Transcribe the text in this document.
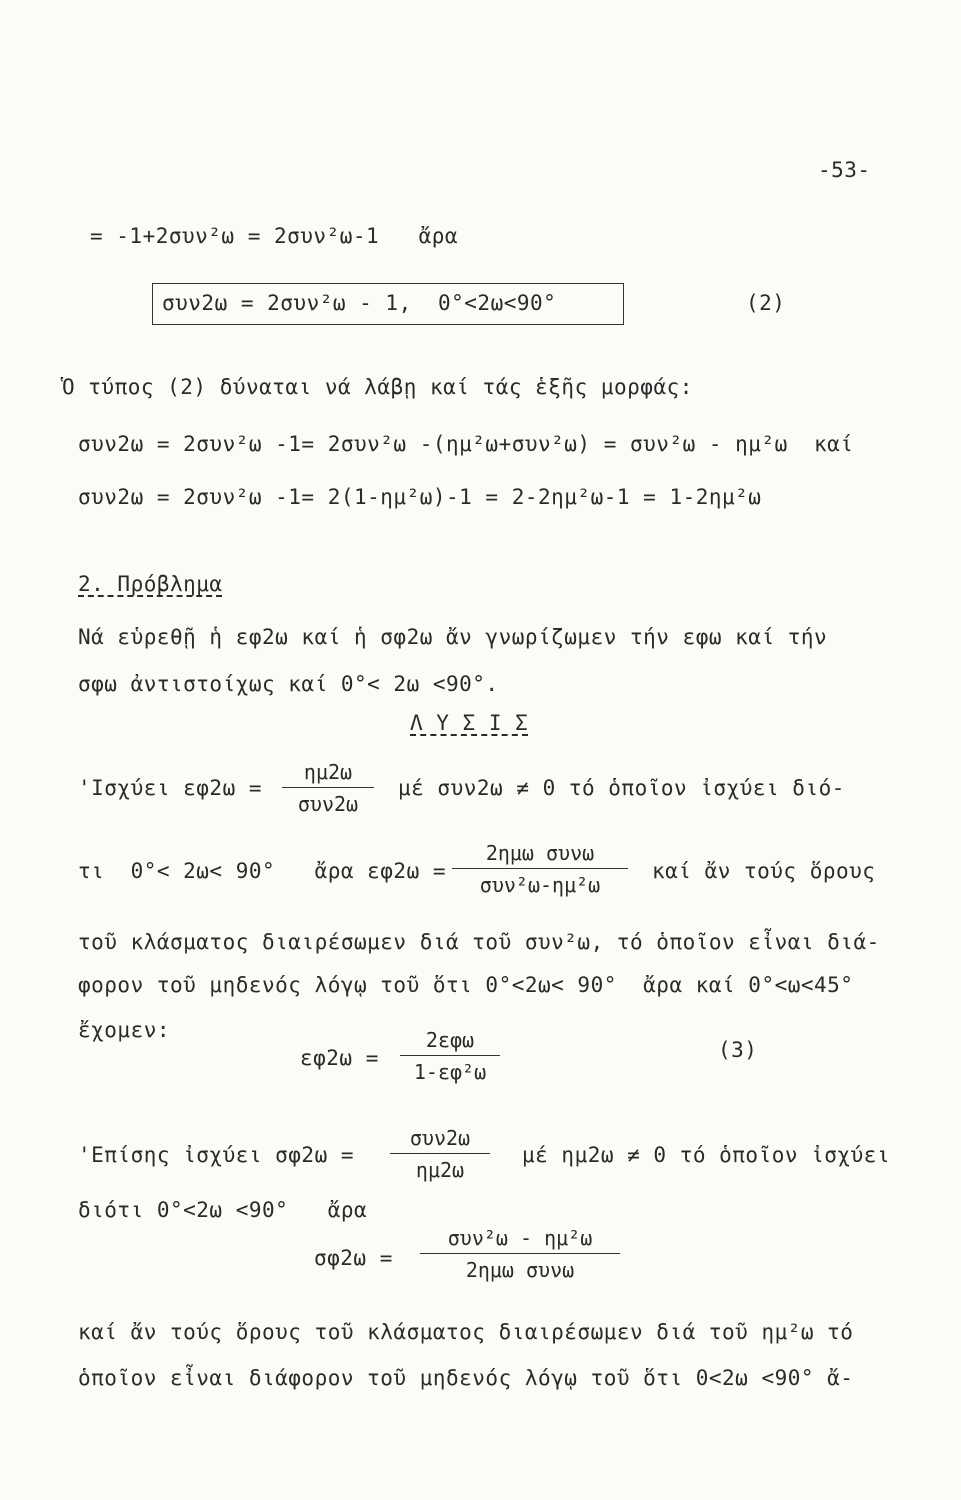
-53-
= -1+2συν²ω = 2συν²ω-1   ἄρα
συν2ω = 2συν²ω - 1,  0°<2ω<90°	(2)
Ὁ τύπος (2) δύναται νά λάβῃ καί τάς ἑξῆς μορφάς:
συν2ω = 2συν²ω -1= 2συν²ω -(ημ²ω+συν²ω) = συν²ω - ημ²ω  καί
συν2ω = 2συν²ω -1= 2(1-ημ²ω)-1 = 2-2ημ²ω-1 = 1-2ημ²ω
2. Πρόβλημα
Νά εὑρεθῇ ἡ εφ2ω καί ἡ σφ2ω ἄν γνωρίζωμεν τήν εφω καί τήν
σφω ἀντιστοίχως καί 0°< 2ω <90°.
Λ Υ Σ Ι Σ
'Ισχύει εφ2ω =
ημ2ω
συν2ω
μέ συν2ω ≠ 0 τό ὁποῖον ἰσχύει διό-
τι  0°< 2ω< 90°   ἄρα εφ2ω =
2ημω συνω
συν²ω-ημ²ω
καί ἄν τούς ὅρους
τοῦ κλάσματος διαιρέσωμεν διά τοῦ συν²ω, τό ὁποῖον εἶναι διά-
φορον τοῦ μηδενός λόγῳ τοῦ ὅτι 0°<2ω< 90°  ἄρα καί 0°<ω<45°
ἔχομεν:
εφ2ω =
2εφω
1-εφ²ω
(3)
'Επίσης ἰσχύει σφ2ω =
συν2ω
ημ2ω
μέ ημ2ω ≠ 0 τό ὁποῖον ἰσχύει
διότι 0°<2ω <90°   ἄρα
σφ2ω =
συν²ω - ημ²ω
2ημω συνω
καί ἄν τούς ὅρους τοῦ κλάσματος διαιρέσωμεν διά τοῦ ημ²ω τό
ὁποῖον εἶναι διάφορον τοῦ μηδενός λόγῳ τοῦ ὅτι 0<2ω <90° ἄ-
